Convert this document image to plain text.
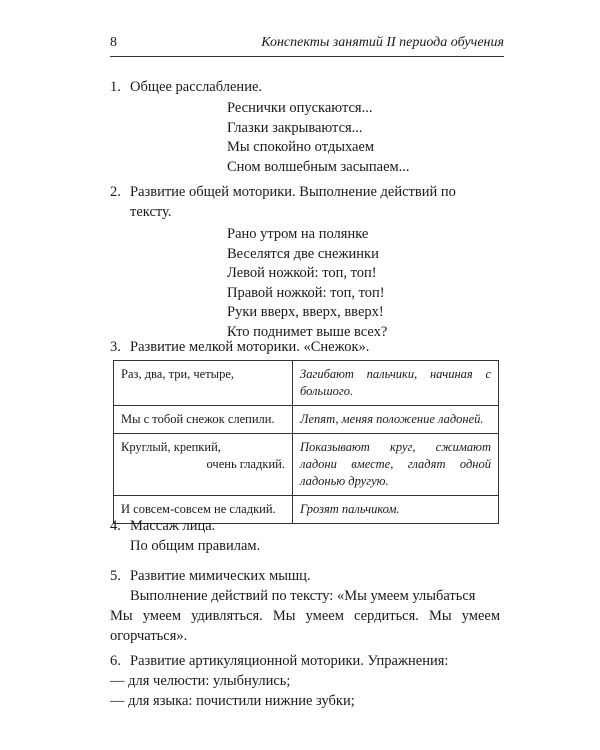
8	Конспекты занятий II периода обучения
1. Общее расслабление.
Реснички опускаются...
Глазки закрываются...
Мы спокойно отдыхаем
Сном волшебным засыпаем...
2. Развитие общей моторики. Выполнение действий по
тексту.
Рано утром на полянке
Веселятся две снежинки
Левой ножкой: топ, топ!
Правой ножкой: топ, топ!
Руки вверх, вверх, вверх!
Кто поднимет выше всех?
3. Развитие мелкой моторики. «Снежок».
Раз, два, три, четыре,	Загибают пальчики, начиная с большого.
Мы с тобой снежок слепили.	Лепят, меняя положение ладоней.
Круглый, крепкий,
очень гладкий.	Показывают круг, сжимают ладони вместе, гладят одной ладонью другую.
И совсем-совсем не сладкий.	Грозят пальчиком.
4. Массаж лица.
По общим правилам.
5. Развитие мимических мышц.
Выполнение действий по тексту: «Мы умеем улыбаться
Мы умеем удивляться. Мы умеем сердиться. Мы умеем огорчаться».
6. Развитие артикуляционной моторики. Упражнения:
— для челюсти: улыбнулись;
— для языка: почистили нижние зубки;
